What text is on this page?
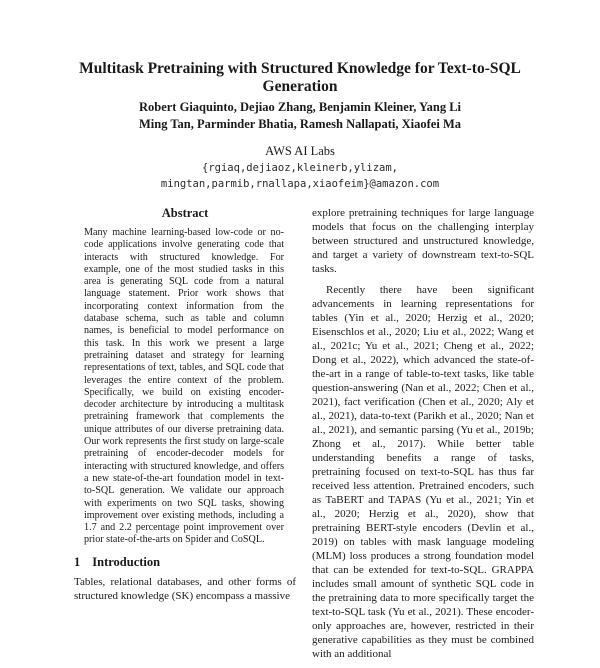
Multitask Pretraining with Structured Knowledge for Text-to-SQL Generation
Robert Giaquinto, Dejiao Zhang, Benjamin Kleiner, Yang Li
Ming Tan, Parminder Bhatia, Ramesh Nallapati, Xiaofei Ma
AWS AI Labs
{rgiaq,dejiaoz,kleinerb,ylizam,
mingtan,parmib,rnallapa,xiaofeim}@amazon.com
Abstract
Many machine learning-based low-code or no-code applications involve generating code that interacts with structured knowledge. For example, one of the most studied tasks in this area is generating SQL code from a natural language statement. Prior work shows that incorporating context information from the database schema, such as table and column names, is beneficial to model performance on this task. In this work we present a large pretraining dataset and strategy for learning representations of text, tables, and SQL code that leverages the entire context of the problem. Specifically, we build on existing encoder-decoder architecture by introducing a multitask pretraining framework that complements the unique attributes of our diverse pretraining data. Our work represents the first study on large-scale pretraining of encoder-decoder models for interacting with structured knowledge, and offers a new state-of-the-art foundation model in text-to-SQL generation. We validate our approach with experiments on two SQL tasks, showing improvement over existing methods, including a 1.7 and 2.2 percentage point improvement over prior state-of-the-arts on Spider and CoSQL.
1 Introduction
Tables, relational databases, and other forms of structured knowledge (SK) encompass a massive

explore pretraining techniques for large language models that focus on the challenging interplay between structured and unstructured knowledge, and target a variety of downstream text-to-SQL tasks.

Recently there have been significant advancements in learning representations for tables (Yin et al., 2020; Herzig et al., 2020; Eisenschlos et al., 2020; Liu et al., 2022; Wang et al., 2021c; Yu et al., 2021; Cheng et al., 2022; Dong et al., 2022), which advanced the state-of-the-art in a range of table-to-text tasks, like table question-answering (Nan et al., 2022; Chen et al., 2021), fact verification (Chen et al., 2020; Aly et al., 2021), data-to-text (Parikh et al., 2020; Nan et al., 2021), and semantic parsing (Yu et al., 2019b; Zhong et al., 2017). While better table understanding benefits a range of tasks, pretraining focused on text-to-SQL has thus far received less attention. Pretrained encoders, such as TaBERT and TAPAS (Yu et al., 2021; Yin et al., 2020; Herzig et al., 2020), show that pretraining BERT-style encoders (Devlin et al., 2019) on tables with mask language modeling (MLM) loss produces a strong foundation model that can be extended for text-to-SQL. GRAPPA includes small amount of synthetic SQL code in the pretraining data to more specifically target the text-to-SQL task (Yu et al., 2021). These encoder-only approaches are, however, restricted in their generative capabilities as they must be combined with an additional
